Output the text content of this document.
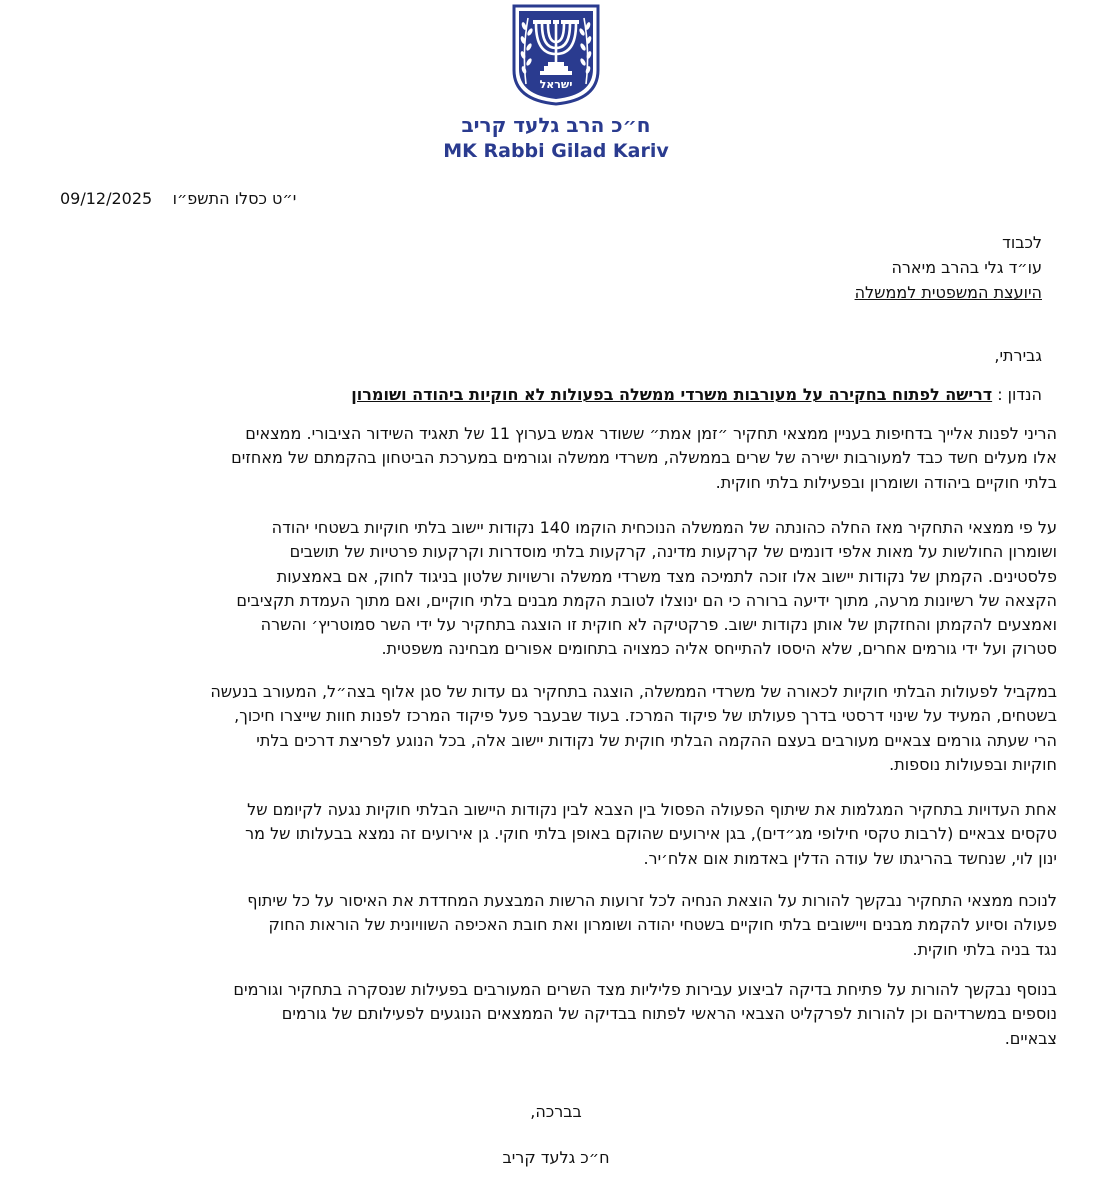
ישראל
ח״כ הרב גלעד קריב
MK Rabbi Gilad Kariv
09/12/2025 י״ט כסלו התשפ״ו
לכבוד
עו״ד גלי בהרב מיארה
היועצת המשפטית לממשלה
גבירתי,
הנדון : דרישה לפתוח בחקירה על מעורבות משרדי ממשלה בפעולות לא חוקיות ביהודה ושומרון
הריני לפנות אלייך בדחיפות בעניין ממצאי תחקיר ״זמן אמת״ ששודר אמש בערוץ 11 של תאגיד השידור הציבורי. ממצאים
אלו מעלים חשד כבד למעורבות ישירה של שרים בממשלה, משרדי ממשלה וגורמים במערכת הביטחון בהקמתם של מאחזים
בלתי חוקיים ביהודה ושומרון ובפעילות בלתי חוקית.
על פי ממצאי התחקיר מאז החלה כהונתה של הממשלה הנוכחית הוקמו 140 נקודות יישוב בלתי חוקיות בשטחי יהודה
ושומרון החולשות על מאות אלפי דונמים של קרקעות מדינה, קרקעות בלתי מוסדרות וקרקעות פרטיות של תושבים
פלסטינים. הקמתן של נקודות יישוב אלו זוכה לתמיכה מצד משרדי ממשלה ורשויות שלטון בניגוד לחוק, אם באמצעות
הקצאה של רשיונות מרעה, מתוך ידיעה ברורה כי הם ינוצלו לטובת הקמת מבנים בלתי חוקיים, ואם מתוך העמדת תקציבים
ואמצעים להקמתן והחזקתן של אותן נקודות ישוב. פרקטיקה לא חוקית זו הוצגה בתחקיר על ידי השר סמוטריץ׳ והשרה
סטרוק ועל ידי גורמים אחרים, שלא היססו להתייחס אליה כמצויה בתחומים אפורים מבחינה משפטית.
במקביל לפעולות הבלתי חוקיות לכאורה של משרדי הממשלה, הוצגה בתחקיר גם עדות של סגן אלוף בצה״ל, המעורב בנעשה
בשטחים, המעיד על שינוי דרסטי בדרך פעולתו של פיקוד המרכז. בעוד שבעבר פעל פיקוד המרכז לפנות חוות שייצרו חיכוך,
הרי שעתה גורמים צבאיים מעורבים בעצם ההקמה הבלתי חוקית של נקודות יישוב אלה, בכל הנוגע לפריצת דרכים בלתי
חוקיות ובפעולות נוספות.
אחת העדויות בתחקיר המגלמות את שיתוף הפעולה הפסול בין הצבא לבין נקודות היישוב הבלתי חוקיות נגעה לקיומם של
טקסים צבאיים (לרבות טקסי חילופי מג״דים), בגן אירועים שהוקם באופן בלתי חוקי. גן אירועים זה נמצא בבעלותו של מר
ינון לוי, שנחשד בהריגתו של עודה הדלין באדמות אום אלח׳יר.
לנוכח ממצאי התחקיר נבקשך להורות על הוצאת הנחיה לכל זרועות הרשות המבצעת המחדדת את האיסור על כל שיתוף
פעולה וסיוע להקמת מבנים ויישובים בלתי חוקיים בשטחי יהודה ושומרון ואת חובת האכיפה השוויונית של הוראות החוק
נגד בניה בלתי חוקית.
בנוסף נבקשך להורות על פתיחת בדיקה לביצוע עבירות פליליות מצד השרים המעורבים בפעילות שנסקרה בתחקיר וגורמים
נוספים במשרדיהם וכן להורות לפרקליט הצבאי הראשי לפתוח בבדיקה של הממצאים הנוגעים לפעילותם של גורמים
צבאיים.
בברכה,
ח״כ גלעד קריב
